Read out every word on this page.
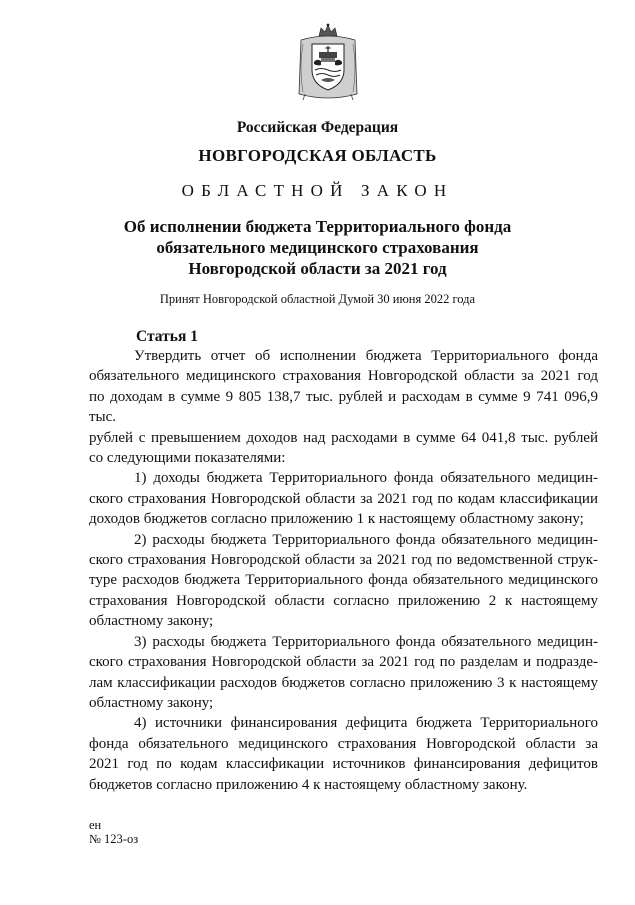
Российская Федерация
НОВГОРОДСКАЯ ОБЛАСТЬ
ОБЛАСТНОЙ ЗАКОН
Об исполнении бюджета Территориального фонда
обязательного медицинского страхования
Новгородской области за 2021 год
Принят Новгородской областной Думой 30 июня 2022 года
Статья 1

Утвердить отчет об исполнении бюджета Территориального фонда

обязательного медицинского страхования Новгородской области за 2021 год

по доходам в сумме 9 805 138,7 тыс. рублей и расходам в сумме 9 741 096,9 тыс.

рублей с превышением доходов над расходами в сумме 64 041,8 тыс. рублей

со следующими показателями:

1) доходы бюджета Территориального фонда обязательного медицин-

ского страхования Новгородской области за 2021 год по кодам классификации

доходов бюджетов согласно приложению 1 к настоящему областному закону;

2) расходы бюджета Территориального фонда обязательного медицин-

ского страхования Новгородской области за 2021 год по ведомственной струк-

туре расходов бюджета Территориального фонда обязательного медицинского

страхования Новгородской области согласно приложению 2 к настоящему

областному закону;

3) расходы бюджета Территориального фонда обязательного медицин-

ского страхования Новгородской области за 2021 год по разделам и подразде-

лам классификации расходов бюджетов согласно приложению 3 к настоящему

областному закону;

4) источники финансирования дефицита бюджета Территориального

фонда обязательного медицинского страхования Новгородской области за

2021 год по кодам классификации источников финансирования дефицитов

бюджетов согласно приложению 4 к настоящему областному закону.

ен
№ 123-оз
